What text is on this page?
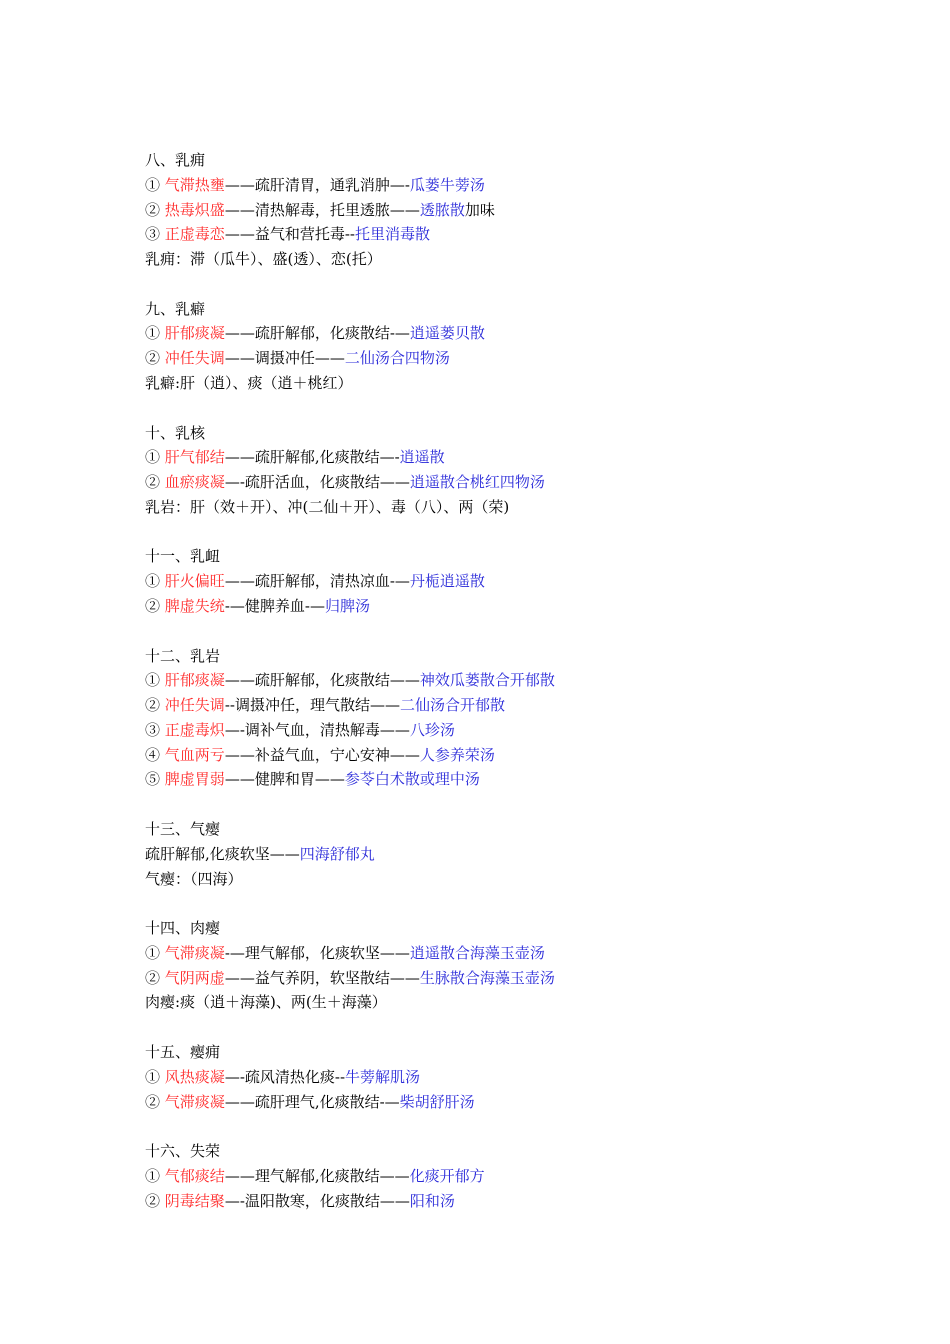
八、乳痈
① 气滞热壅——疏肝清胃，通乳消肿—-瓜蒌牛蒡汤
② 热毒炽盛——清热解毒，托里透脓——透脓散加味
③ 正虚毒恋——益气和营托毒--托里消毒散
乳痈：滞（瓜牛）、盛(透）、恋(托）
九、乳癖
① 肝郁痰凝——疏肝解郁，化痰散结-—逍遥蒌贝散
② 冲任失调——调摄冲任——二仙汤合四物汤
乳癖:肝（逍）、痰（逍＋桃红）
十、乳核
① 肝气郁结——疏肝解郁,化痰散结—-逍遥散
② 血瘀痰凝—-疏肝活血，化痰散结——逍遥散合桃红四物汤
乳岩：肝（效＋开）、冲(二仙＋开）、毒（八）、两（荣)
十一、乳衄
① 肝火偏旺——疏肝解郁，清热凉血-—丹栀逍遥散
② 脾虚失统-—健脾养血-—归脾汤
十二、乳岩
① 肝郁痰凝——疏肝解郁，化痰散结——神效瓜蒌散合开郁散
② 冲任失调--调摄冲任，理气散结——二仙汤合开郁散
③ 正虚毒炽—-调补气血，清热解毒——八珍汤
④ 气血两亏——补益气血，宁心安神——人参养荣汤
⑤ 脾虚胃弱——健脾和胃——参苓白术散或理中汤
十三、气瘿
疏肝解郁,化痰软坚——四海舒郁丸
气瘿：（四海）
十四、肉瘿
① 气滞痰凝-—理气解郁，化痰软坚——逍遥散合海藻玉壶汤
② 气阴两虚——益气养阴，软坚散结——生脉散合海藻玉壶汤
肉瘿:痰（逍＋海藻)、两(生＋海藻）
十五、瘿痈
① 风热痰凝—-疏风清热化痰--牛蒡解肌汤
② 气滞痰凝——疏肝理气,化痰散结-—柴胡舒肝汤
十六、失荣
① 气郁痰结——理气解郁,化痰散结——化痰开郁方
② 阴毒结聚—-温阳散寒，化痰散结——阳和汤
